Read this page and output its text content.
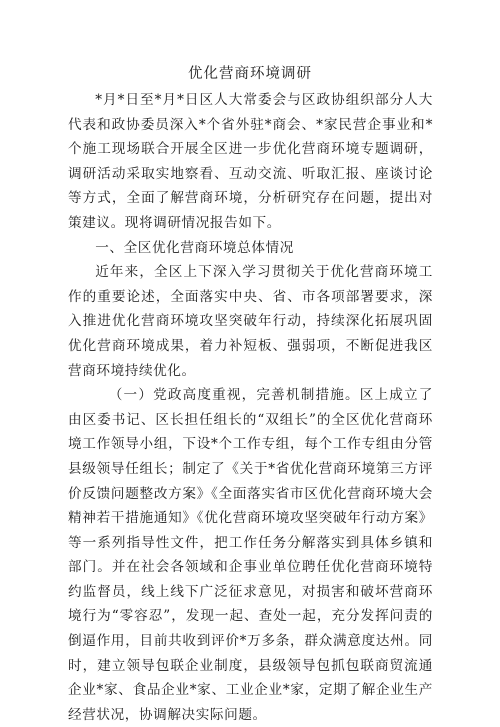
优化营商环境调研

*月*日至*月*日区人大常委会与区政协组织部分人大代表和政协委员深入*个省外驻*商会、*家民营企事业和*个施工现场联合开展全区进一步优化营商环境专题调研，调研活动采取实地察看、互动交流、听取汇报、座谈讨论等方式，全面了解营商环境，分析研究存在问题，提出对策建议。现将调研情况报告如下。

一、全区优化营商环境总体情况

近年来，全区上下深入学习贯彻关于优化营商环境工作的重要论述，全面落实中央、省、市各项部署要求，深入推进优化营商环境攻坚突破年行动，持续深化拓展巩固优化营商环境成果，着力补短板、强弱项，不断促进我区营商环境持续优化。

（一）党政高度重视，完善机制措施。区上成立了由区委书记、区长担任组长的“双组长”的全区优化营商环境工作领导小组，下设*个工作专组，每个工作专组由分管县级领导任组长；制定了《关于*省优化营商环境第三方评价反馈问题整改方案》《全面落实省市区优化营商环境大会精神若干措施通知》《优化营商环境攻坚突破年行动方案》等一系列指导性文件，把工作任务分解落实到具体乡镇和部门。并在社会各领域和企事业单位聘任优化营商环境特约监督员，线上线下广泛征求意见，对损害和破坏营商环境行为“零容忍”，发现一起、查处一起，充分发挥问责的倒逼作用，目前共收到评价*万多条，群众满意度达州。同时，建立领导包联企业制度，县级领导包抓包联商贸流通企业*家、食品企业*家、工业企业*家，定期了解企业生产经营状况，协调解决实际问题。
